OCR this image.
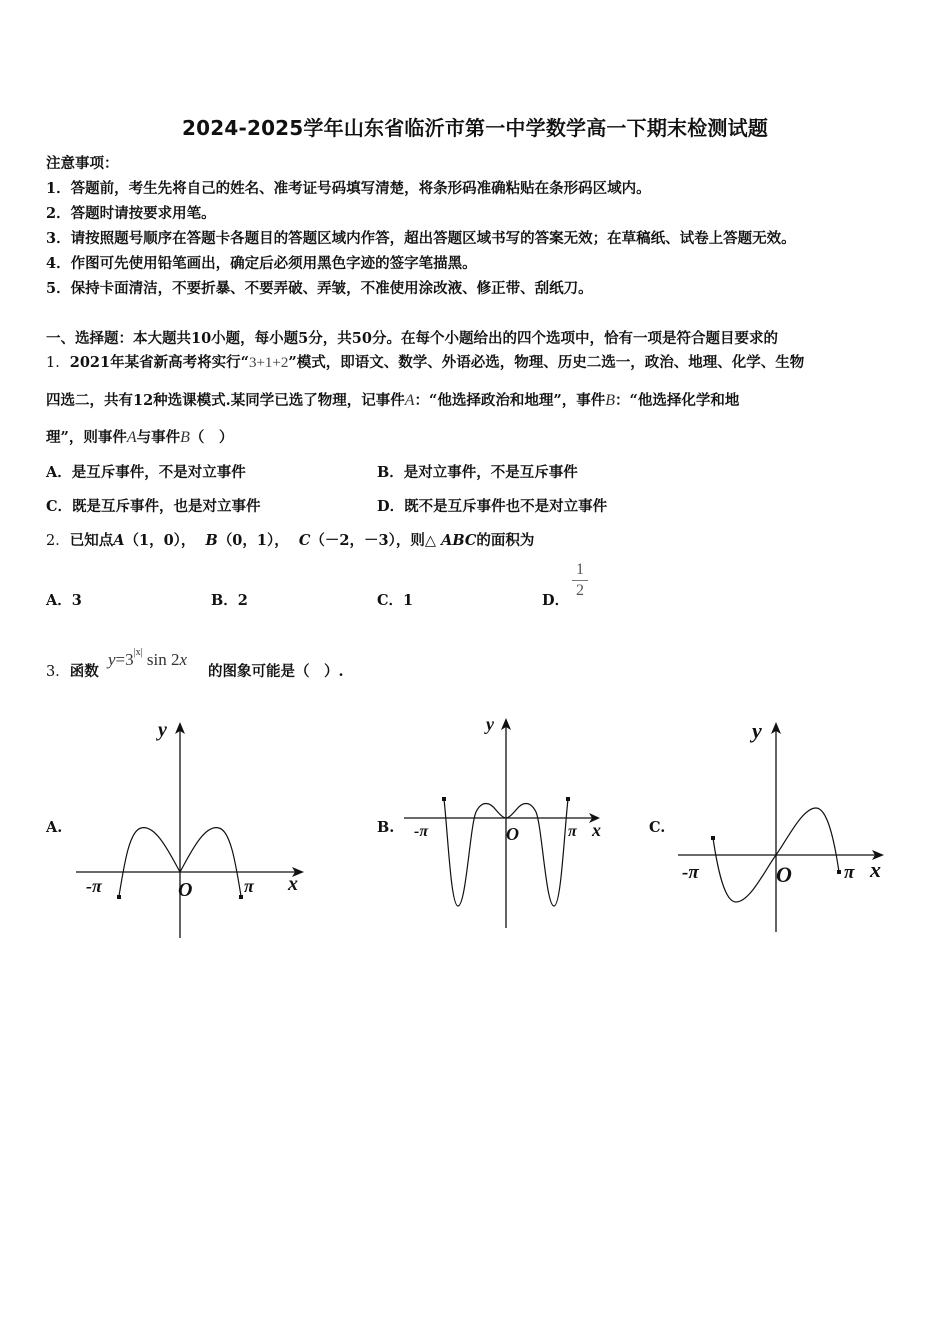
2024-2025学年山东省临沂市第一中学数学高一下期末检测试题
注意事项：
1．答题前，考生先将自己的姓名、准考证号码填写清楚，将条形码准确粘贴在条形码区域内。
2．答题时请按要求用笔。
3．请按照题号顺序在答题卡各题目的答题区域内作答，超出答题区域书写的答案无效；在草稿纸、试卷上答题无效。
4．作图可先使用铅笔画出，确定后必须用黑色字迹的签字笔描黑。
5．保持卡面清洁，不要折暴、不要弄破、弄皱，不准使用涂改液、修正带、刮纸刀。
一、选择题：本大题共10小题，每小题5分，共50分。在每个小题给出的四个选项中，恰有一项是符合题目要求的
1．2021年某省新高考将实行“3+1+2”模式，即语文、数学、外语必选，物理、历史二选一，政治、地理、化学、生物
四选二，共有12种选课模式.某同学已选了物理，记事件A：“他选择政治和地理”，事件B：“他选择化学和地
理”，则事件A与事件B（　）
A．是互斥事件，不是对立事件	B．是对立事件，不是互斥事件
C．既是互斥事件，也是对立事件	D．既不是互斥事件也不是对立事件
2．已知点A（1，0）， B（0，1）， C（－2，－3），则△ ABC的面积为
A．3	B．2	C．1	D．
1
2
3．函数
$y=3^{|x|}$ sin 2x
的图象可能是（　）.
A.	B.	C.
y
x
O
-π	π
y
x
O
-π	π
y
x
O
-π	π
